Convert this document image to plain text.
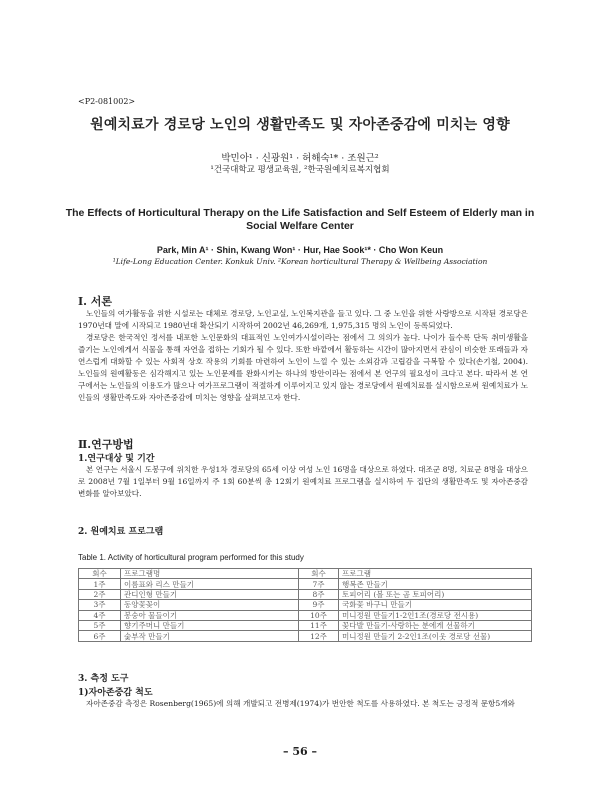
<P2-081002>
원예치료가 경로당 노인의 생활만족도 및 자아존중감에 미치는 영향
박민아¹ · 신광원¹ · 허해숙¹* · 조원근²
¹건국대학교 평생교육원, ²한국원예치료복지협회
The Effects of Horticultural Therapy on the Life Satisfaction and Self Esteem of Elderly man in
Social Welfare Center
Park, Min A¹ · Shin, Kwang Won¹ · Hur, Hae Sook¹* · Cho Won Keun
¹Life-Long Education Center. Konkuk Univ. ²Korean horticultural Therapy & Wellbeing Association
Ⅰ. 서론
노인들의 여가활동을 위한 시설로는 대체로 경로당, 노인교실, 노인복지관을 들고 있다. 그 중 노인을 위한 사랑방으로 시작된 경로당은 1970년대 말에 시작되고 1980년대 확산되기 시작하여 2002년 46,269개, 1,975,315 명의 노인이 등록되었다.
경로당은 한국적인 정서를 내포한 노인문화의 대표적인 노인여가시설이라는 점에서 그 의의가 높다. 나이가 들수록 단독 취미생활을 즐기는 노인에게서 식물을 통해 자연을 접하는 기회가 될 수 있다. 또한 바깥에서 활동하는 시간이 많아지면서 관심이 비슷한 또래들과 자연스럽게 대화할 수 있는 사회적 상호 작용의 기회를 마련하여 노인이 느낄 수 있는 소외감과 고립감을 극복할 수 있다(손기철, 2004). 노인들의 원예활동은 심각해지고 있는 노인문제를 완화시키는 하나의 방안이라는 점에서 본 연구의 필요성이 크다고 본다. 따라서 본 연구에서는 노인들의 이용도가 많으나 여가프로그램이 적절하게 이루어지고 있지 않는 경로당에서 원예치료를 실시함으로써 원예치료가 노인들의 생활만족도와 자아존중감에 미치는 영향을 살펴보고자 한다.
Ⅱ.연구방법
1.연구대상 및 기간
본 연구는 서울시 도봉구에 위치한 우성1차 경로당의 65세 이상 여성 노인 16명을 대상으로 하였다. 대조군 8명, 치료군 8명을 대상으로 2008년 7월 1일부터 9월 16일까지 주 1회 60분씩 총 12회기 원예치료 프로그램을 실시하여 두 집단의 생활만족도 및 자아존중감 변화를 알아보았다.
2. 원예치료 프로그램
Table 1. Activity of horticultural program performed for this study
회수	프로그램명	회수	프로그램
1주	이름표와 리스 만들기	7주	행복존 만들기
2주	관디인형 만들기	8주	토피어리 (볼 또는 곰 토피어리)
3주	동양꽃꽂이	9주	국화꽃 바구니 만들기
4주	봉숭아 물들이기	10주	미니정원 만들기1-2인1조(경로당 전시용)
5주	향기주머니 만들기	11주	꽃다발 만들기-사랑하는 분에게 선물하기
6주	숯부작 만들기	12주	미니정원 만들기 2-2인1조(이웃 경로당 선물)
3. 측정 도구
1)자아존중감 척도
자아존중감 측정은 Rosenberg(1965)에 의해 개발되고 전병제(1974)가 번안한 척도를 사용하였다. 본 척도는 긍정적 문항5개와
– 56 –
